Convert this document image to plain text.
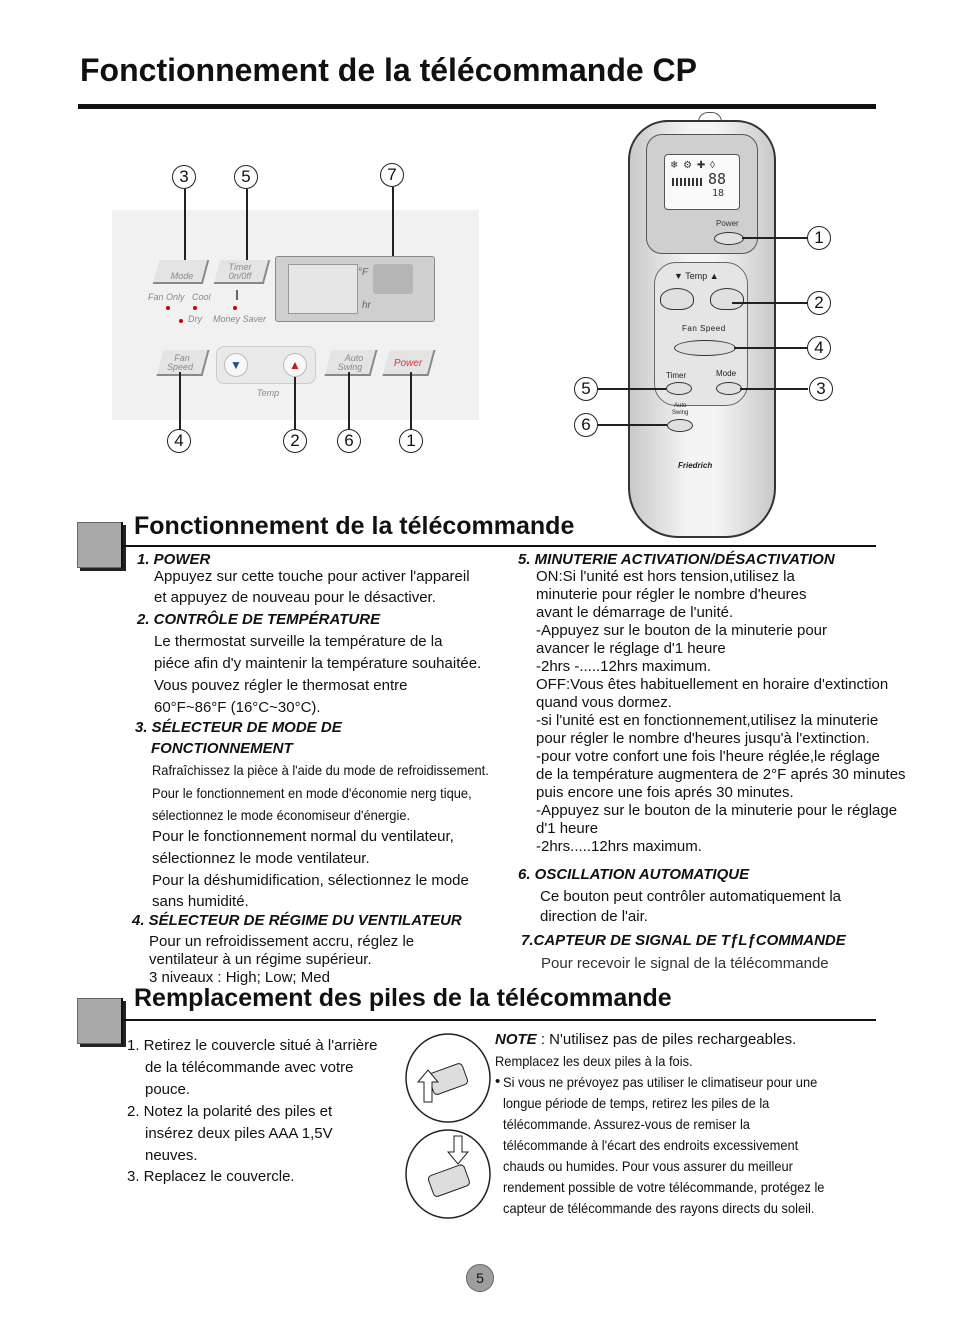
Fonctionnement de la télécommande CP
3	5	7
Mode
Timer
0n/0ff
Fan Only Cool
Dry Money Saver
°F
hr
Fan
Speed	▼	▲
Temp
Auto
Swing	Power
4	2	6	1
❄ ⚙ ✚ ◊
88
18
Power
▼ Temp ▲
Fan Speed
Timer	Mode
Auto
Swing
Friedrich
1
2
4
3
5
6
Fonctionnement de la télécommande
1. POWER
Appuyez sur cette touche pour activer l'appareil
et appuyez de nouveau pour le désactiver.
2. CONTRÔLE DE TEMPÉRATURE
Le thermostat surveille la température de la
piéce afin d'y maintenir la température souhaitée.
Vous pouvez régler le thermosat entre
60°F~86°F (16°C~30°C).
3. SÉLECTEUR DE MODE DE
FONCTIONNEMENT
Rafraîchissez la pièce à l'aide du mode de refroidissement.
Pour le fonctionnement en mode d'économie nerg tique,
sélectionnez le mode économiseur d'énergie.
Pour le fonctionnement normal du ventilateur,
sélectionnez le mode ventilateur.
Pour la déshumidification, sélectionnez le mode
sans humidité.
4. SÉLECTEUR DE RÉGIME DU VENTILATEUR
Pour un refroidissement accru, réglez le
ventilateur à un régime supérieur.
3 niveaux : High; Low; Med
5. MINUTERIE ACTIVATION/DÉSACTIVATION
ON:Si l'unité est hors tension,utilisez la
minuterie pour régler le nombre d'heures
avant le démarrage de l'unité.
-Appuyez sur le bouton de la minuterie pour
avancer le réglage d'1 heure
-2hrs -.....12hrs maximum.
OFF:Vous êtes habituellement en horaire d'extinction
quand vous dormez.
-si l'unité est en fonctionnement,utilisez la minuterie
pour régler le nombre d'heures jusqu'à l'extinction.
-pour votre confort une fois l'heure réglée,le réglage
de la température augmentera de 2°F aprés 30 minutes
puis encore une fois aprés 30 minutes.
-Appuyez sur le bouton de la minuterie pour le réglage
d'1 heure
-2hrs.....12hrs maximum.
6. OSCILLATION AUTOMATIQUE
Ce bouton peut contrôler automatiquement la
direction de l'air.
7.CAPTEUR DE SIGNAL DE TƒLƒCOMMANDE
Pour recevoir le signal de la télécommande
Remplacement des piles de la télécommande
1. Retirez le couvercle situé à l'arrière
de la télécommande avec votre
pouce.
2. Notez la polarité des piles et
insérez deux piles AAA 1,5V
neuves.
3. Replacez le couvercle.
NOTE : N'utilisez pas de piles rechargeables.
Remplacez les deux piles à la fois.
• Si vous ne prévoyez pas utiliser le climatiseur pour une
longue période de temps, retirez les piles de la
télécommande. Assurez-vous de remiser la
télécommande à l'écart des endroits excessivement
chauds ou humides. Pour vous assurer du meilleur
rendement possible de votre télécommande, protégez le
capteur de télécommande des rayons directs du soleil.
5
